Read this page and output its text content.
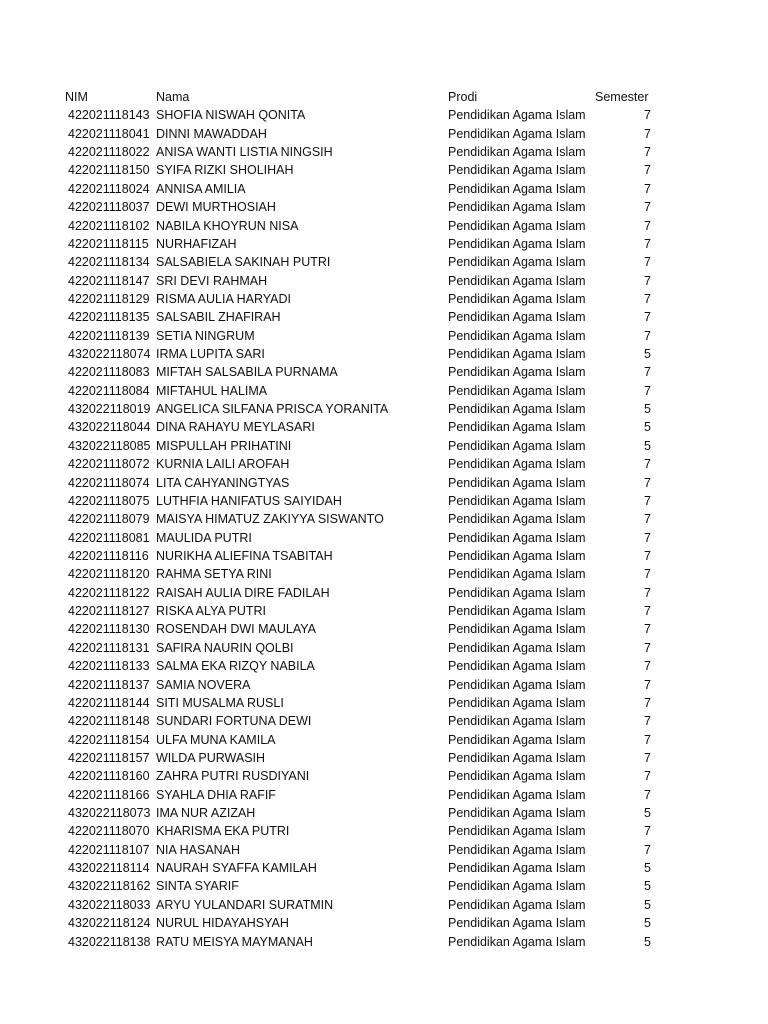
NIM	Nama	Prodi	Semester
422021118143 SHOFIA NISWAH QONITA	Pendidikan Agama Islam	7
422021118041 DINNI MAWADDAH	Pendidikan Agama Islam	7
422021118022 ANISA WANTI LISTIA NINGSIH	Pendidikan Agama Islam	7
422021118150 SYIFA RIZKI SHOLIHAH	Pendidikan Agama Islam	7
422021118024 ANNISA AMILIA	Pendidikan Agama Islam	7
422021118037 DEWI MURTHOSIAH	Pendidikan Agama Islam	7
422021118102 NABILA KHOYRUN NISA	Pendidikan Agama Islam	7
422021118115 NURHAFIZAH	Pendidikan Agama Islam	7
422021118134 SALSABIELA SAKINAH PUTRI	Pendidikan Agama Islam	7
422021118147 SRI DEVI RAHMAH	Pendidikan Agama Islam	7
422021118129 RISMA AULIA HARYADI	Pendidikan Agama Islam	7
422021118135 SALSABIL ZHAFIRAH	Pendidikan Agama Islam	7
422021118139 SETIA NINGRUM	Pendidikan Agama Islam	7
432022118074 IRMA LUPITA SARI	Pendidikan Agama Islam	5
422021118083 MIFTAH SALSABILA PURNAMA	Pendidikan Agama Islam	7
422021118084 MIFTAHUL HALIMA	Pendidikan Agama Islam	7
432022118019 ANGELICA SILFANA PRISCA YORANITA	Pendidikan Agama Islam	5
432022118044 DINA RAHAYU MEYLASARI	Pendidikan Agama Islam	5
432022118085 MISPULLAH PRIHATINI	Pendidikan Agama Islam	5
422021118072 KURNIA LAILI AROFAH	Pendidikan Agama Islam	7
422021118074 LITA CAHYANINGTYAS	Pendidikan Agama Islam	7
422021118075 LUTHFIA HANIFATUS SAIYIDAH	Pendidikan Agama Islam	7
422021118079 MAISYA HIMATUZ ZAKIYYA SISWANTO	Pendidikan Agama Islam	7
422021118081 MAULIDA PUTRI	Pendidikan Agama Islam	7
422021118116 NURIKHA ALIEFINA TSABITAH	Pendidikan Agama Islam	7
422021118120 RAHMA SETYA RINI	Pendidikan Agama Islam	7
422021118122 RAISAH AULIA DIRE FADILAH	Pendidikan Agama Islam	7
422021118127 RISKA ALYA PUTRI	Pendidikan Agama Islam	7
422021118130 ROSENDAH DWI MAULAYA	Pendidikan Agama Islam	7
422021118131 SAFIRA NAURIN QOLBI	Pendidikan Agama Islam	7
422021118133 SALMA EKA RIZQY NABILA	Pendidikan Agama Islam	7
422021118137 SAMIA NOVERA	Pendidikan Agama Islam	7
422021118144 SITI MUSALMA RUSLI	Pendidikan Agama Islam	7
422021118148 SUNDARI FORTUNA DEWI	Pendidikan Agama Islam	7
422021118154 ULFA MUNA KAMILA	Pendidikan Agama Islam	7
422021118157 WILDA PURWASIH	Pendidikan Agama Islam	7
422021118160 ZAHRA PUTRI RUSDIYANI	Pendidikan Agama Islam	7
422021118166 SYAHLA DHIA RAFIF	Pendidikan Agama Islam	7
432022118073 IMA NUR AZIZAH	Pendidikan Agama Islam	5
422021118070 KHARISMA EKA PUTRI	Pendidikan Agama Islam	7
422021118107 NIA HASANAH	Pendidikan Agama Islam	7
432022118114 NAURAH SYAFFA KAMILAH	Pendidikan Agama Islam	5
432022118162 SINTA SYARIF	Pendidikan Agama Islam	5
432022118033 ARYU YULANDARI SURATMIN	Pendidikan Agama Islam	5
432022118124 NURUL HIDAYAHSYAH	Pendidikan Agama Islam	5
432022118138 RATU MEISYA MAYMANAH	Pendidikan Agama Islam	5
